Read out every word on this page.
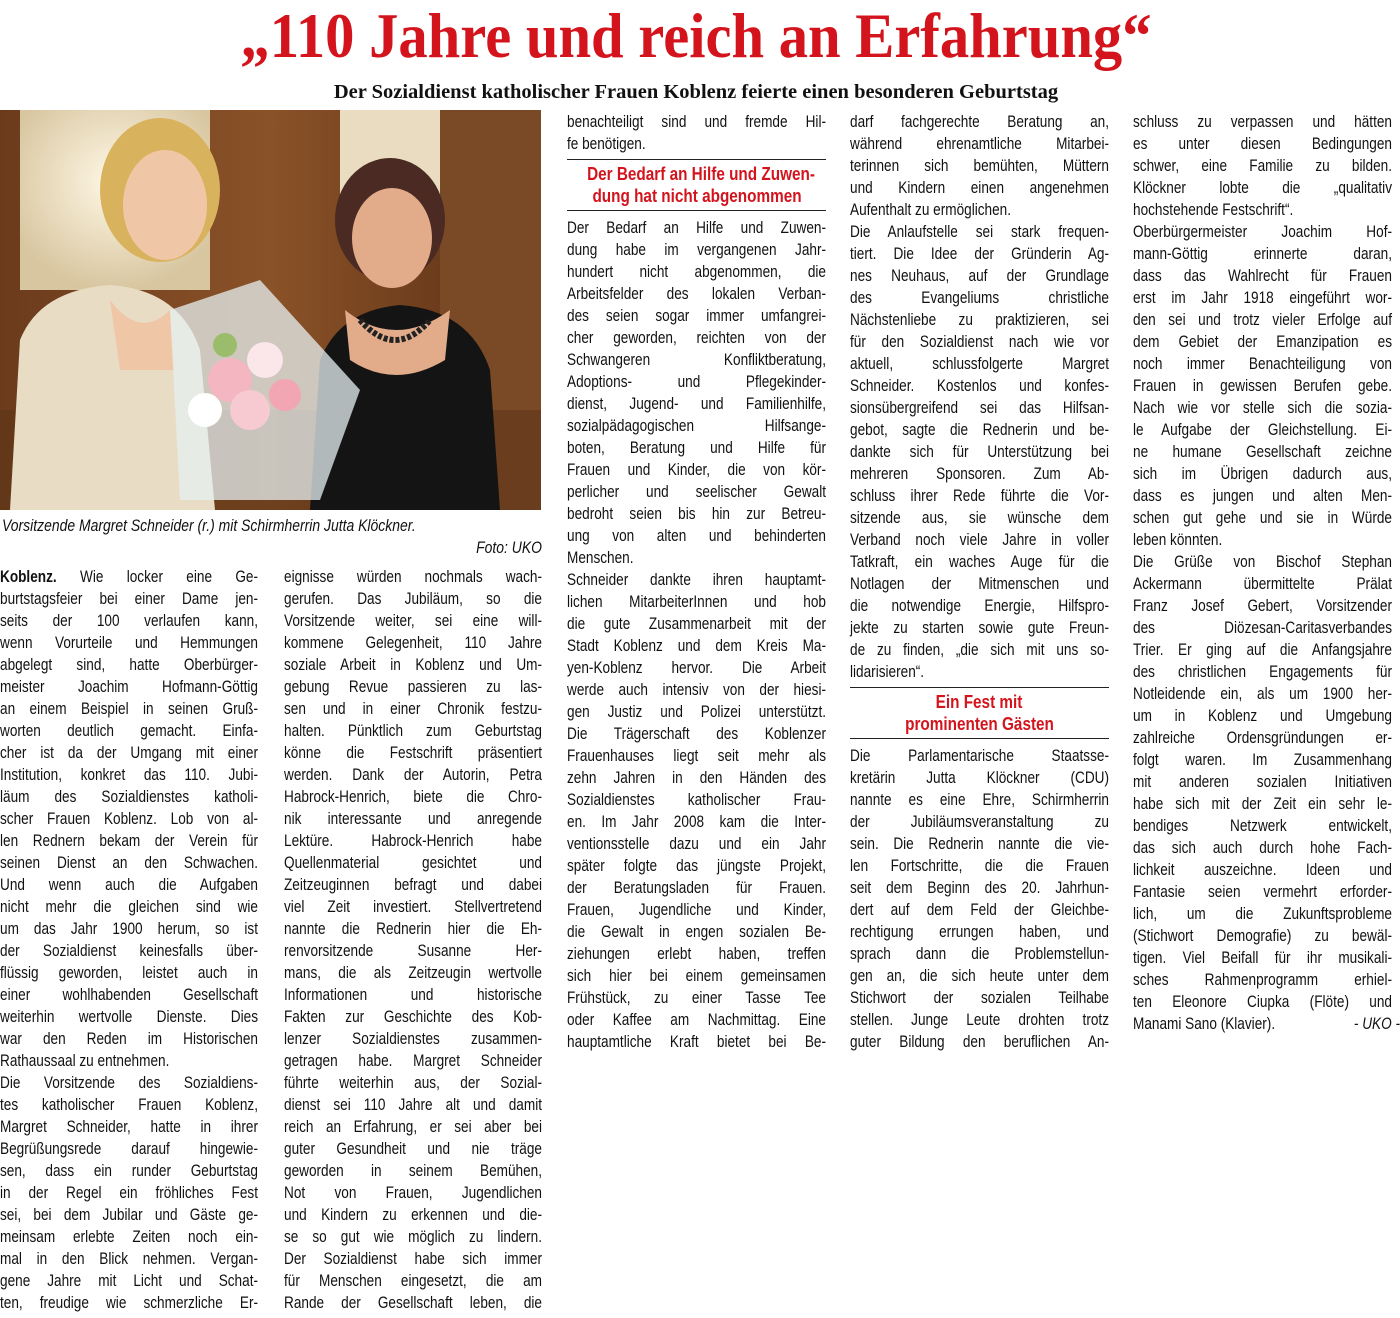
„110 Jahre und reich an Erfahrung“
Der Sozialdienst katholischer Frauen Koblenz feierte einen besonderen Geburtstag
Vorsitzende Margret Schneider (r.) mit Schirmherrin Jutta Klöckner.
Foto: UKO
Koblenz. Wie locker eine Ge-
burtstagsfeier bei einer Dame jen-
seits der 100 verlaufen kann,
wenn Vorurteile und Hemmungen
abgelegt sind, hatte Oberbürger-
meister Joachim Hofmann-Göttig
an einem Beispiel in seinen Gruß-
worten deutlich gemacht. Einfa-
cher ist da der Umgang mit einer
Institution, konkret das 110. Jubi-
läum des Sozialdienstes katholi-
scher Frauen Koblenz. Lob von al-
len Rednern bekam der Verein für
seinen Dienst an den Schwachen.
Und wenn auch die Aufgaben
nicht mehr die gleichen sind wie
um das Jahr 1900 herum, so ist
der Sozialdienst keinesfalls über-
flüssig geworden, leistet auch in
einer wohlhabenden Gesellschaft
weiterhin wertvolle Dienste. Dies
war den Reden im Historischen
Rathaussaal zu entnehmen.
Die Vorsitzende des Sozialdiens-
tes katholischer Frauen Koblenz,
Margret Schneider, hatte in ihrer
Begrüßungsrede darauf hingewie-
sen, dass ein runder Geburtstag
in der Regel ein fröhliches Fest
sei, bei dem Jubilar und Gäste ge-
meinsam erlebte Zeiten noch ein-
mal in den Blick nehmen. Vergan-
gene Jahre mit Licht und Schat-
ten, freudige wie schmerzliche Er-
eignisse würden nochmals wach-
gerufen. Das Jubiläum, so die
Vorsitzende weiter, sei eine will-
kommene Gelegenheit, 110 Jahre
soziale Arbeit in Koblenz und Um-
gebung Revue passieren zu las-
sen und in einer Chronik festzu-
halten. Pünktlich zum Geburtstag
könne die Festschrift präsentiert
werden. Dank der Autorin, Petra
Habrock-Henrich, biete die Chro-
nik interessante und anregende
Lektüre. Habrock-Henrich habe
Quellenmaterial gesichtet und
Zeitzeuginnen befragt und dabei
viel Zeit investiert. Stellvertretend
nannte die Rednerin hier die Eh-
renvorsitzende Susanne Her-
mans, die als Zeitzeugin wertvolle
Informationen und historische
Fakten zur Geschichte des Kob-
lenzer Sozialdienstes zusammen-
getragen habe. Margret Schneider
führte weiterhin aus, der Sozial-
dienst sei 110 Jahre alt und damit
reich an Erfahrung, er sei aber bei
guter Gesundheit und nie träge
geworden in seinem Bemühen,
Not von Frauen, Jugendlichen
und Kindern zu erkennen und die-
se so gut wie möglich zu lindern.
Der Sozialdienst habe sich immer
für Menschen eingesetzt, die am
Rande der Gesellschaft leben, die
benachteiligt sind und fremde Hil-
fe benötigen.
Der Bedarf an Hilfe und Zuwen-
dung hat nicht abgenommen
Der Bedarf an Hilfe und Zuwen-
dung habe im vergangenen Jahr-
hundert nicht abgenommen, die
Arbeitsfelder des lokalen Verban-
des seien sogar immer umfangrei-
cher geworden, reichten von der
Schwangeren Konfliktberatung,
Adoptions- und Pflegekinder-
dienst, Jugend- und Familienhilfe,
sozialpädagogischen Hilfsange-
boten, Beratung und Hilfe für
Frauen und Kinder, die von kör-
perlicher und seelischer Gewalt
bedroht seien bis hin zur Betreu-
ung von alten und behinderten
Menschen.
Schneider dankte ihren hauptamt-
lichen MitarbeiterInnen und hob
die gute Zusammenarbeit mit der
Stadt Koblenz und dem Kreis Ma-
yen-Koblenz hervor. Die Arbeit
werde auch intensiv von der hiesi-
gen Justiz und Polizei unterstützt.
Die Trägerschaft des Koblenzer
Frauenhauses liegt seit mehr als
zehn Jahren in den Händen des
Sozialdienstes katholischer Frau-
en. Im Jahr 2008 kam die Inter-
ventionsstelle dazu und ein Jahr
später folgte das jüngste Projekt,
der Beratungsladen für Frauen.
Frauen, Jugendliche und Kinder,
die Gewalt in engen sozialen Be-
ziehungen erlebt haben, treffen
sich hier bei einem gemeinsamen
Frühstück, zu einer Tasse Tee
oder Kaffee am Nachmittag. Eine
hauptamtliche Kraft bietet bei Be-
darf fachgerechte Beratung an,
während ehrenamtliche Mitarbei-
terinnen sich bemühten, Müttern
und Kindern einen angenehmen
Aufenthalt zu ermöglichen.
Die Anlaufstelle sei stark frequen-
tiert. Die Idee der Gründerin Ag-
nes Neuhaus, auf der Grundlage
des Evangeliums christliche
Nächstenliebe zu praktizieren, sei
für den Sozialdienst nach wie vor
aktuell, schlussfolgerte Margret
Schneider. Kostenlos und konfes-
sionsübergreifend sei das Hilfsan-
gebot, sagte die Rednerin und be-
dankte sich für Unterstützung bei
mehreren Sponsoren. Zum Ab-
schluss ihrer Rede führte die Vor-
sitzende aus, sie wünsche dem
Verband noch viele Jahre in voller
Tatkraft, ein waches Auge für die
Notlagen der Mitmenschen und
die notwendige Energie, Hilfspro-
jekte zu starten sowie gute Freun-
de zu finden, „die sich mit uns so-
lidarisieren“.
Ein Fest mit
prominenten Gästen
Die Parlamentarische Staatsse-
kretärin Jutta Klöckner (CDU)
nannte es eine Ehre, Schirmherrin
der Jubiläumsveranstaltung zu
sein. Die Rednerin nannte die vie-
len Fortschritte, die die Frauen
seit dem Beginn des 20. Jahrhun-
dert auf dem Feld der Gleichbe-
rechtigung errungen haben, und
sprach dann die Problemstellun-
gen an, die sich heute unter dem
Stichwort der sozialen Teilhabe
stellen. Junge Leute drohten trotz
guter Bildung den beruflichen An-
schluss zu verpassen und hätten
es unter diesen Bedingungen
schwer, eine Familie zu bilden.
Klöckner lobte die „qualitativ
hochstehende Festschrift“.
Oberbürgermeister Joachim Hof-
mann-Göttig erinnerte daran,
dass das Wahlrecht für Frauen
erst im Jahr 1918 eingeführt wor-
den sei und trotz vieler Erfolge auf
dem Gebiet der Emanzipation es
noch immer Benachteiligung von
Frauen in gewissen Berufen gebe.
Nach wie vor stelle sich die sozia-
le Aufgabe der Gleichstellung. Ei-
ne humane Gesellschaft zeichne
sich im Übrigen dadurch aus,
dass es jungen und alten Men-
schen gut gehe und sie in Würde
leben könnten.
Die Grüße von Bischof Stephan
Ackermann übermittelte Prälat
Franz Josef Gebert, Vorsitzender
des Diözesan-Caritasverbandes
Trier. Er ging auf die Anfangsjahre
des christlichen Engagements für
Notleidende ein, als um 1900 her-
um in Koblenz und Umgebung
zahlreiche Ordensgründungen er-
folgt waren. Im Zusammenhang
mit anderen sozialen Initiativen
habe sich mit der Zeit ein sehr le-
bendiges Netzwerk entwickelt,
das sich auch durch hohe Fach-
lichkeit auszeichne. Ideen und
Fantasie seien vermehrt erforder-
lich, um die Zukunftsprobleme
(Stichwort Demografie) zu bewäl-
tigen. Viel Beifall für ihr musikali-
sches Rahmenprogramm erhiel-
ten Eleonore Ciupka (Flöte) und
Manami Sano (Klavier).	- UKO -
